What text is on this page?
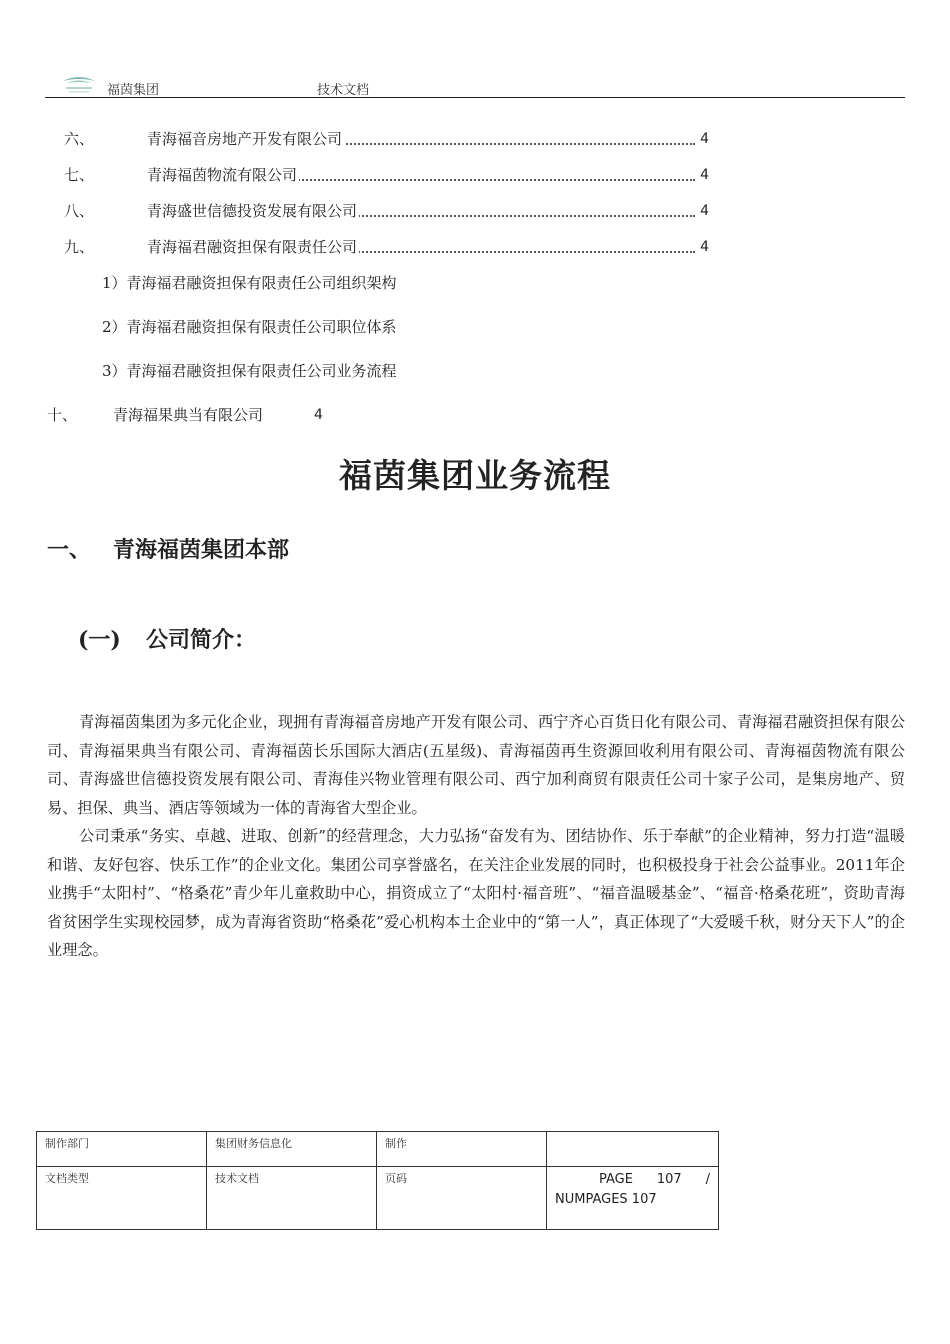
福茵集团	技术文档
六、	青海福音房地产开发有限公司	4
七、	青海福茵物流有限公司	4
八、	青海盛世信德投资发展有限公司	4
九、	青海福君融资担保有限责任公司	4
1）青海福君融资担保有限责任公司组织架构
2）青海福君融资担保有限责任公司职位体系
3）青海福君融资担保有限责任公司业务流程
十、 青海福果典当有限公司	4
福茵集团业务流程
一、 青海福茵集团本部
(一) 公司简介：

青海福茵集团为多元化企业，现拥有青海福音房地产开发有限公司、西宁齐心百货日化有限公司、青海福君融资担保有限公司、青海福果典当有限公司、青海福茵长乐国际大酒店(五星级)、青海福茵再生资源回收利用有限公司、青海福茵物流有限公司、青海盛世信德投资发展有限公司、青海佳兴物业管理有限公司、西宁加利商贸有限责任公司十家子公司，是集房地产、贸易、担保、典当、酒店等领域为一体的青海省大型企业。

公司秉承“务实、卓越、进取、创新”的经营理念，大力弘扬“奋发有为、团结协作、乐于奉献”的企业精神，努力打造“温暖和谐、友好包容、快乐工作”的企业文化。集团公司享誉盛名，在关注企业发展的同时，也积极投身于社会公益事业。2011年企业携手“太阳村”、“格桑花”青少年儿童救助中心，捐资成立了“太阳村·福音班”、“福音温暖基金”、“福音·格桑花班”，资助青海省贫困学生实现校园梦，成为青海省资助“格桑花”爱心机构本土企业中的“第一人”，真正体现了“大爱暖千秋，财分天下人”的企业理念。

制作部门	集团财务信息化	制作	
文档类型	技术文档	页码	PAGE 107 /
NUMPAGES 107
